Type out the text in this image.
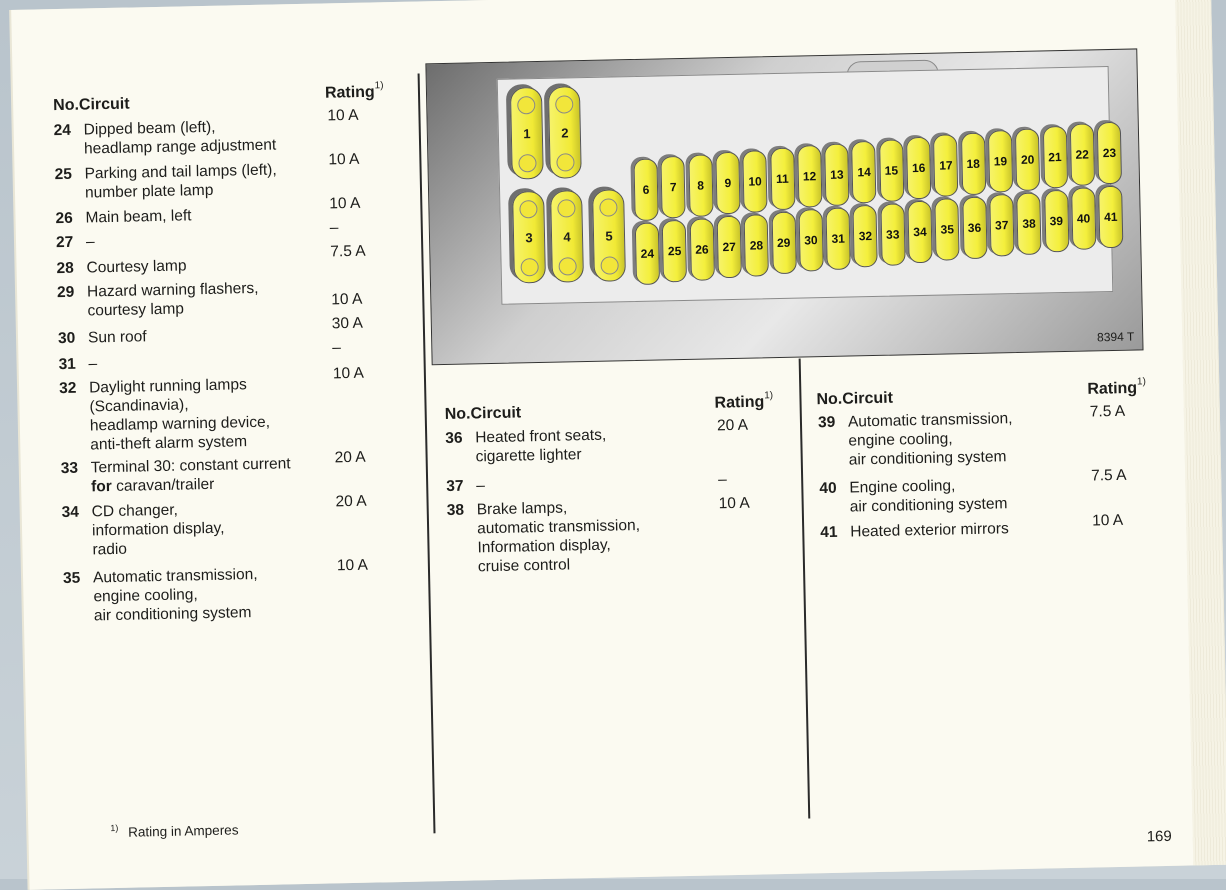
No.Circuit
Rating$^{1)}$
24 Dipped beam (left),
headlamp range adjustment
10 A
25 Parking and tail lamps (left),
number plate lamp
10 A
26 Main beam, left
10 A
27 –
–
28 Courtesy lamp
7.5 A
29 Hazard warning flashers,
courtesy lamp
10 A
30 Sun roof
30 A
31 –
–
32 Daylight running lamps
(Scandinavia),
headlamp warning device,
anti-theft alarm system
10 A
33 Terminal 30: constant current
for caravan/trailer
20 A
34 CD changer,
information display,
radio
20 A
35 Automatic transmission,
engine cooling,
air conditioning system
10 A
1 2
3 4	5
6 7 8 9 10 11 12 13 14 15 16 17 18 19 20 21 22 23
24 25 26 27 28 29 30 31 32 33 34 35 36 37 38 39 40 41
8394 T
No.Circuit
Rating$^{1)}$
36 Heated front seats,
cigarette lighter
20 A
37 –	–
38 Brake lamps,
automatic transmission,
Information display,
cruise control
10 A
No.Circuit
Rating$^{1)}$
39 Automatic transmission,
engine cooling,
air conditioning system
7.5 A
40 Engine cooling,
air conditioning system
7.5 A
41 Heated exterior mirrors	10 A
$^{1)}$ Rating in Amperes	169
